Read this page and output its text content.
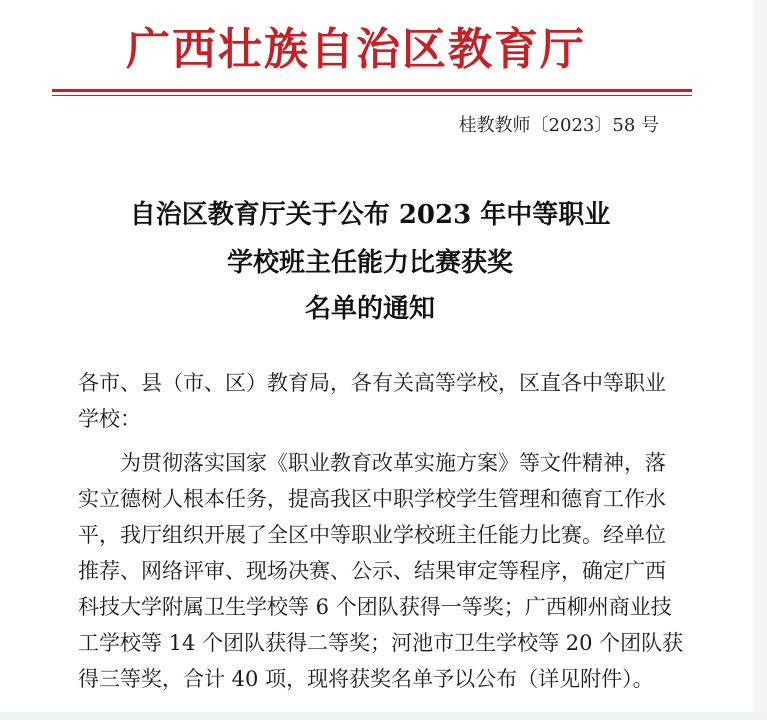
广西壮族自治区教育厅
桂教教师〔2023〕58 号
自治区教育厅关于公布 2023 年中等职业
学校班主任能力比赛获奖
名单的通知
各市、县（市、区）教育局，各有关高等学校，区直各中等职业
学校：
为贯彻落实国家《职业教育改革实施方案》等文件精神，落
实立德树人根本任务，提高我区中职学校学生管理和德育工作水
平，我厅组织开展了全区中等职业学校班主任能力比赛。经单位
推荐、网络评审、现场决赛、公示、结果审定等程序，确定广西
科技大学附属卫生学校等 6 个团队获得一等奖；广西柳州商业技
工学校等 14 个团队获得二等奖；河池市卫生学校等 20 个团队获
得三等奖，合计 40 项，现将获奖名单予以公布（详见附件）。
